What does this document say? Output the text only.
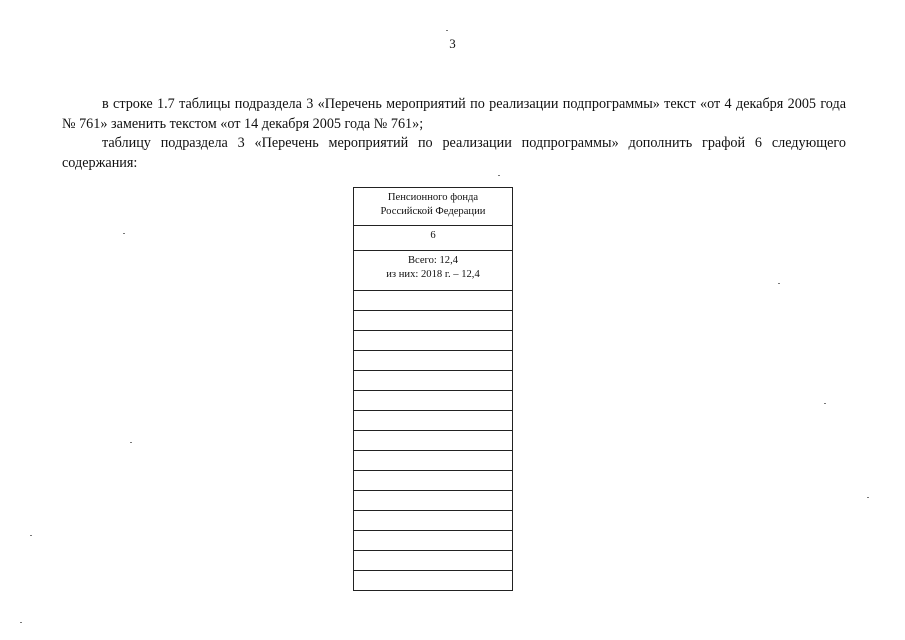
3

в строке 1.7 таблицы подраздела 3 «Перечень мероприятий по реализации подпрограммы» текст «от 4 декабря 2005 года № 761» заменить текстом «от 14 декабря 2005 года № 761»;

таблицу подраздела 3 «Перечень мероприятий по реализации подпрограммы» дополнить графой 6 следующего содержания:

Пенсионного фонда
Российской Федерации

6

Всего: 12,4
из них: 2018 г. – 12,4
